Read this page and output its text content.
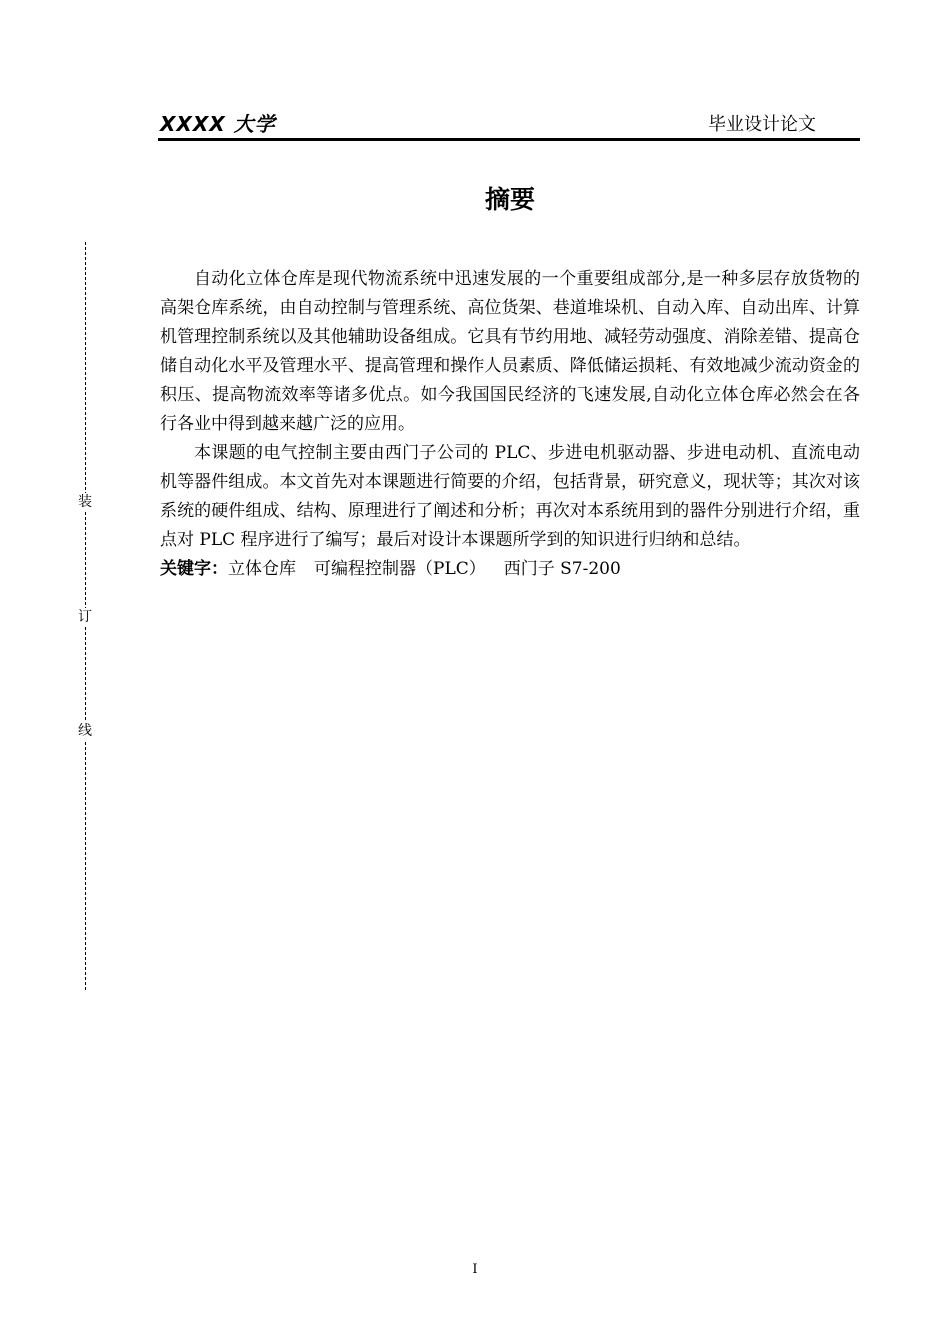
XXXX 大学	毕业设计论文
摘要
装
订
线

自动化立体仓库是现代物流系统中迅速发展的一个重要组成部分,是一种多层存放货物的高架仓库系统，由自动控制与管理系统、高位货架、巷道堆垛机、自动入库、自动出库、计算机管理控制系统以及其他辅助设备组成。它具有节约用地、减轻劳动强度、消除差错、提高仓储自动化水平及管理水平、提高管理和操作人员素质、降低储运损耗、有效地减少流动资金的积压、提高物流效率等诸多优点。如今我国国民经济的飞速发展,自动化立体仓库必然会在各行各业中得到越来越广泛的应用。

本课题的电气控制主要由西门子公司的 PLC、步进电机驱动器、步进电动机、直流电动机等器件组成。本文首先对本课题进行简要的介绍，包括背景，研究意义，现状等；其次对该系统的硬件组成、结构、原理进行了阐述和分析；再次对本系统用到的器件分别进行介绍，重点对 PLC 程序进行了编写；最后对设计本课题所学到的知识进行归纳和总结。

关键字：立体仓库 可编程控制器（PLC） 西门子 S7-200
I
